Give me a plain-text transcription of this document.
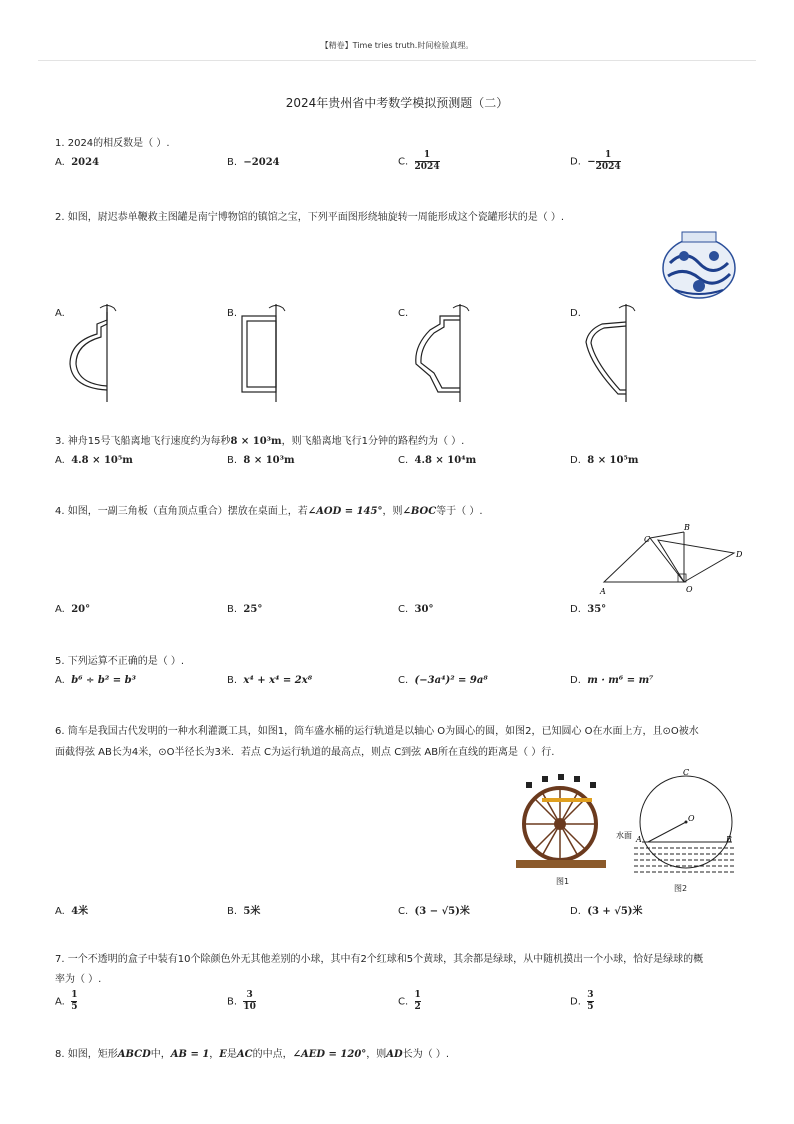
【精卷】Time tries truth.时间检验真理。
2024年贵州省中考数学模拟预测题（二）
1. 2024的相反数是（ ）.
A. 2024	B. −2024	C. $\frac{1}{2024}$	D. − $\frac{1}{2024}$
2. 如图，尉迟恭单鞭救主图罐是南宁博物馆的镇馆之宝，下列平面图形绕轴旋转一周能形成这个瓷罐形状的是（ ）.
A.	B.	C.	D.
3. 神舟15号飞船离地飞行速度约为每秒8 × 10³m，则飞船离地飞行1分钟的路程约为（ ）.
A. 4.8 × 10⁵m	B. 8 × 10³m	C. 4.8 × 10⁴m	D. 8 × 10⁵m
4. 如图，一副三角板（直角顶点重合）摆放在桌面上，若∠AOD = 145°，则∠BOC等于（ ）.
A
B
C
D
O
A. 20°	B. 25°	C. 30°	D. 35°
5. 下列运算不正确的是（ ）.
A. b⁶ ÷ b² = b³	B. x⁴ + x⁴ = 2x⁸	C. (−3a⁴)² = 9a⁸	D. m · m⁶ = m⁷
6. 筒车是我国古代发明的一种水利灌溉工具，如图1，筒车盛水桶的运行轨道是以轴心 O为圆心的圆，如图2，已知圆心 O在水面上方，且⊙O被水
面截得弦 AB长为4米，⊙O半径长为3米．若点 C为运行轨道的最高点，则点 C到弦 AB所在直线的距离是（ ）行.
图1
C
O
A	B
水面
图2
A. 4米	B. 5米	C. (3 − √5)米	D. (3 + √5)米
7. 一个不透明的盒子中装有10个除颜色外无其他差别的小球，其中有2个红球和5个黄球，其余都是绿球，从中随机摸出一个小球，恰好是绿球的概
率为（ ）.
A. $\frac{1}{5}$	B. $\frac{3}{10}$	C. $\frac{1}{2}$	D. $\frac{3}{5}$
8. 如图，矩形ABCD中，AB = 1，E是AC的中点，∠AED = 120°，则AD长为（ ）.
